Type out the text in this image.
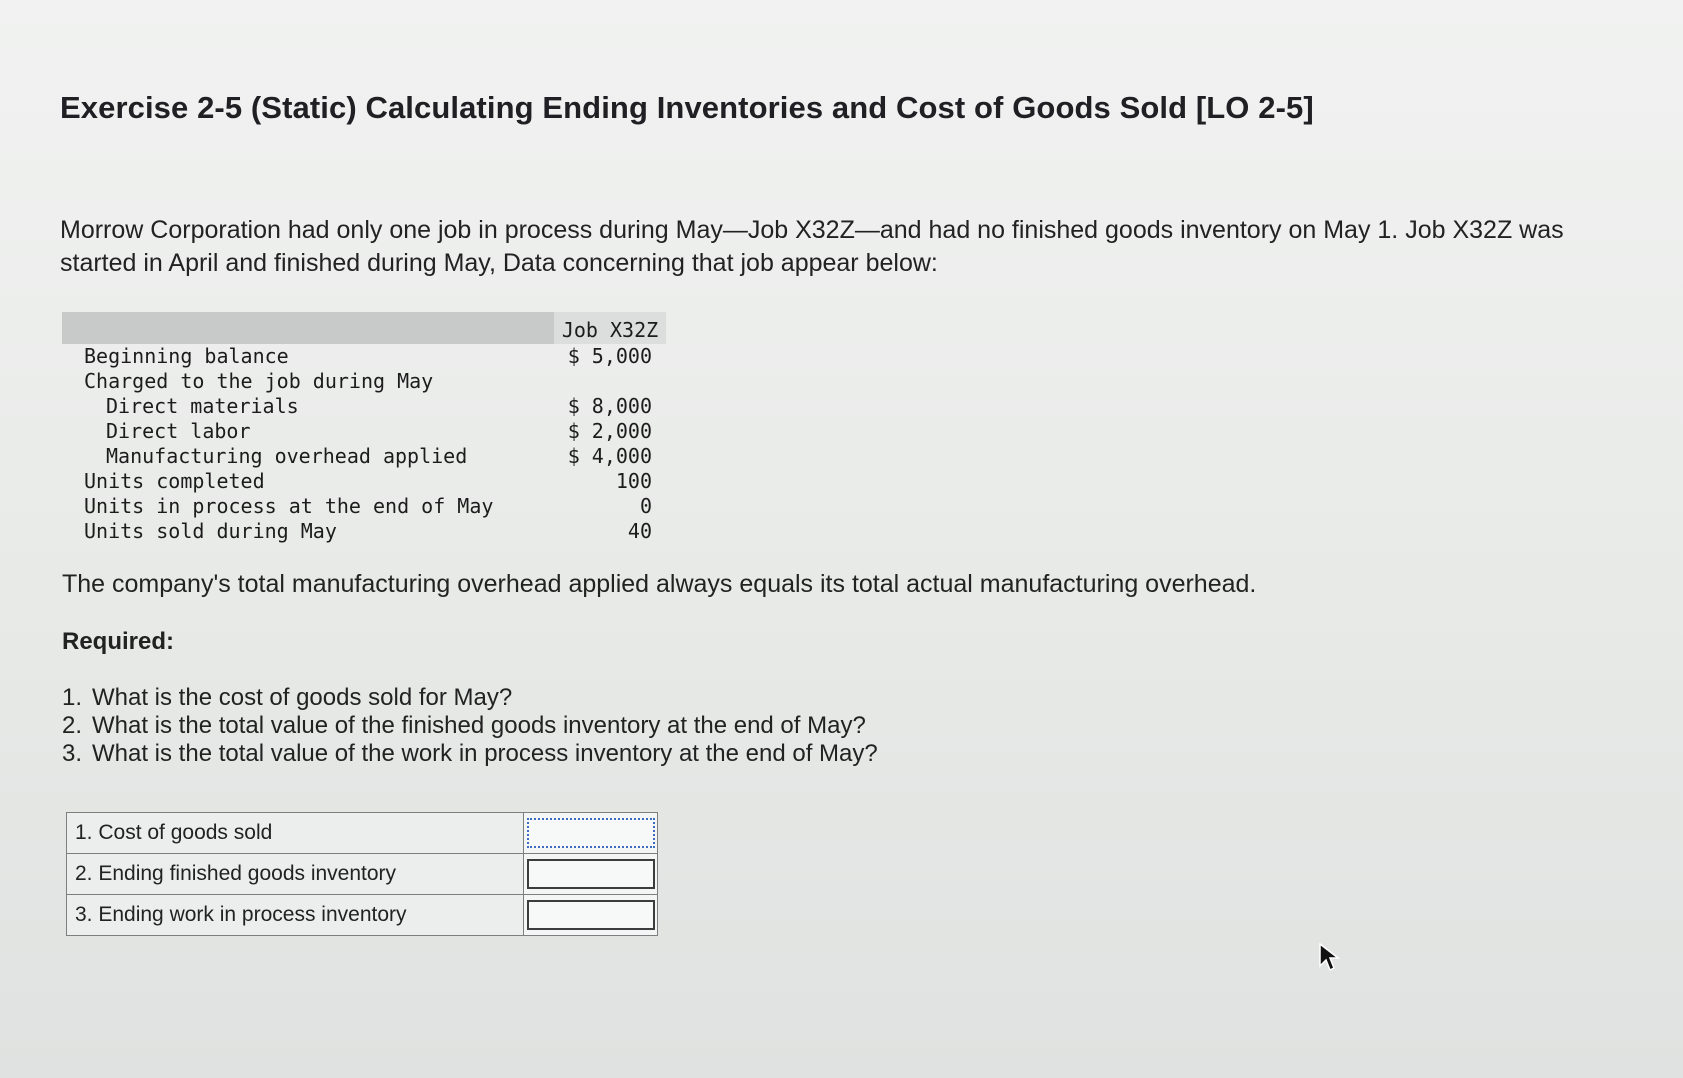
Exercise 2-5 (Static) Calculating Ending Inventories and Cost of Goods Sold [LO 2-5]

Morrow Corporation had only one job in process during May—Job X32Z—and had no finished goods inventory on May 1. Job X32Z was started in April and finished during May, Data concerning that job appear below:

Job X32Z
Beginning balance	$ 5,000
Charged to the job during May
Direct materials	$ 8,000
Direct labor	$ 2,000
Manufacturing overhead applied	$ 4,000
Units completed	100
Units in process at the end of May	0
Units sold during May	40
The company's total manufacturing overhead applied always equals its total actual manufacturing overhead.
Required:
1. What is the cost of goods sold for May?
2. What is the total value of the finished goods inventory at the end of May?
3. What is the total value of the work in process inventory at the end of May?
1. Cost of goods sold	

2. Ending finished goods inventory	

3. Ending work in process inventory	
